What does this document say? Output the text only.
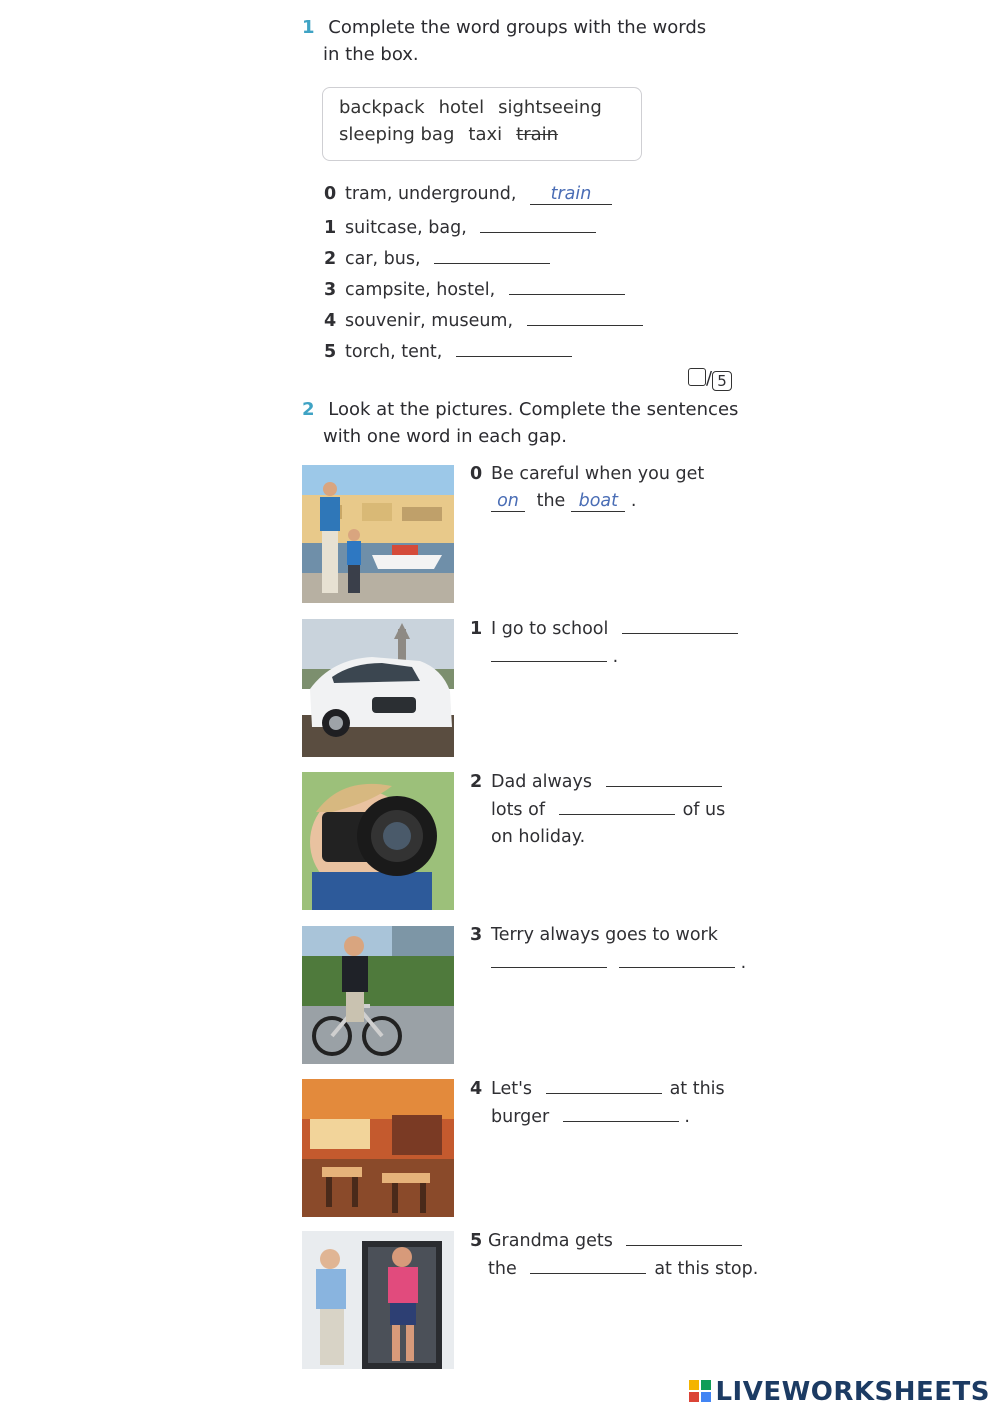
1 Complete the word groups with the words
in the box.
backpack hotel sightseeing
sleeping bag taxi train
0 tram, underground, train
1 suitcase, bag,
2 car, bus,
3 campsite, hostel,
4 souvenir, museum,
5 torch, tent,
/ 5
2 Look at the pictures. Complete the sentences
with one word in each gap.
0 Be careful when you get
on the boat .
1 I go to school
.
2 Dad always
lots of	of us
on holiday.
3 Terry always goes to work
.
4 Let's	at this
burger	.
5 Grandma gets
the	at this stop.
LIVEWORKSHEETS
